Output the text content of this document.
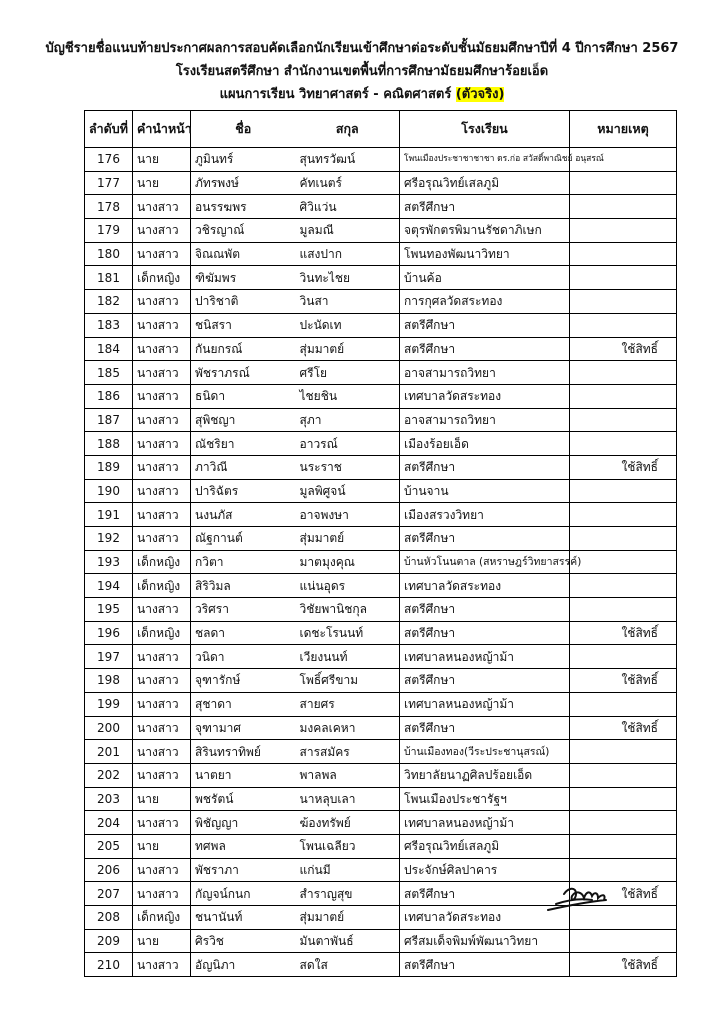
บัญชีรายชื่อแนบท้ายประกาศผลการสอบคัดเลือกนักเรียนเข้าศึกษาต่อระดับชั้นมัธยมศึกษาปีที่ 4 ปีการศึกษา 2567
โรงเรียนสตรีศึกษา สำนักงานเขตพื้นที่การศึกษามัธยมศึกษาร้อยเอ็ด
แผนการเรียน วิทยาศาสตร์ - คณิตศาสตร์ (ตัวจริง)
ลำดับที่	คำนำหน้า	ชื่อ	สกุล	โรงเรียน	หมายเหตุ
176	นาย	ภูมินทร์	สุนทรวัฒน์	โพนเมืองประชาชาชาชา ดร.ก่อ สวัสดิ์พาณิชย์ อนุสรณ์	
177	นาย	ภัทรพงษ์	คัทเนตร์	ศรีอรุณวิทย์เสลภูมิ	
178	นางสาว	อนรรฆพร	ศิวิแว่น	สตรีศึกษา	
179	นางสาว	วชิรญาณ์	มูลมณี	จตุรพักตรพิมานรัชดาภิเษก	
180	นางสาว	จิณณพัต	แสงปาก	โพนทองพัฒนาวิทยา	
181	เด็กหญิง	ฑิฆัมพร	วินทะไชย	บ้านค้อ	
182	นางสาว	ปาริชาติ	วินสา	การกุศลวัดสระทอง	
183	นางสาว	ชนิสรา	ปะนัดเท	สตรีศึกษา	
184	นางสาว	กันยกรณ์	สุ่มมาตย์	สตรีศึกษา	ใช้สิทธิ์
185	นางสาว	พัชราภรณ์	ศรีโย	อาจสามารถวิทยา	
186	นางสาว	ธนิดา	ไชยชิน	เทศบาลวัดสระทอง	
187	นางสาว	สุพิชญา	สุภา	อาจสามารถวิทยา	
188	นางสาว	ณัชริยา	อาวรณ์	เมืองร้อยเอ็ด	
189	นางสาว	ภาวิณี	นระราช	สตรีศึกษา	ใช้สิทธิ์
190	นางสาว	ปาริฉัตร	มูลพิศูจน์	บ้านจาน	
191	นางสาว	นงนภัส	อาจพงษา	เมืองสรวงวิทยา	
192	นางสาว	ณัฐกานต์	สุ่มมาตย์	สตรีศึกษา	
193	เด็กหญิง	กวิตา	มาตมุงคุณ	บ้านหัวโนนตาล (สหราษฎร์วิทยาสรรค์)	
194	เด็กหญิง	สิริวิมล	แน่นอุดร	เทศบาลวัดสระทอง	
195	นางสาว	วริศรา	วิชัยพานิชกุล	สตรีศึกษา	
196	เด็กหญิง	ชลดา	เดชะโรนนท์	สตรีศึกษา	ใช้สิทธิ์
197	นางสาว	วนิดา	เวียงนนท์	เทศบาลหนองหญ้าม้า	
198	นางสาว	จุฑารักษ์	โพธิ์ศรีขาม	สตรีศึกษา	ใช้สิทธิ์
199	นางสาว	สุชาดา	สายศร	เทศบาลหนองหญ้าม้า	
200	นางสาว	จุฑามาศ	มงคลเคหา	สตรีศึกษา	ใช้สิทธิ์
201	นางสาว	สิรินทราทิพย์	สารสมัคร	บ้านเมืองทอง(วีระประชานุสรณ์)	
202	นางสาว	นาตยา	พาลพล	วิทยาลัยนาฏศิลปร้อยเอ็ด	
203	นาย	พชรัตน์	นาหลุบเลา	โพนเมืองประชารัฐฯ	
204	นางสาว	พิชัญญา	ฆ้องทรัพย์	เทศบาลหนองหญ้าม้า	
205	นาย	ทศพล	โพนเฉลียว	ศรีอรุณวิทย์เสลภูมิ	
206	นางสาว	พัชราภา	แก่นมี	ประจักษ์ศิลปาคาร	
207	นางสาว	กัญจน์กนก	สำราญสุข	สตรีศึกษา	ใช้สิทธิ์
208	เด็กหญิง	ชนานันท์	สุ่มมาตย์	เทศบาลวัดสระทอง	
209	นาย	ศิรวิช	มันตาพันธ์	ศรีสมเด็จพิมพ์พัฒนาวิทยา	
210	นางสาว	อัญนิภา	สดใส	สตรีศึกษา	ใช้สิทธิ์
